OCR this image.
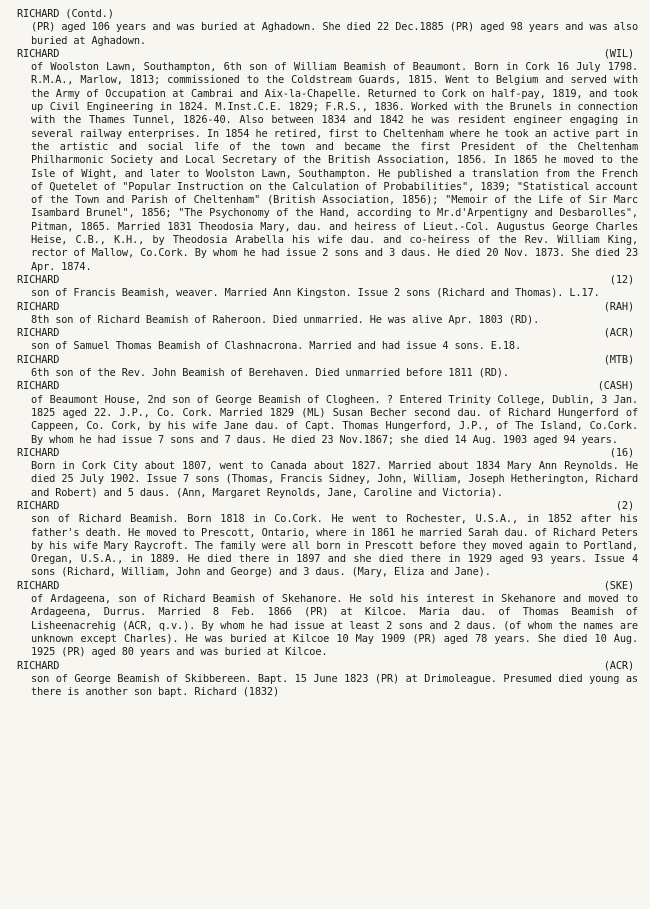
RICHARD (Contd.)

(PR) aged 106 years and was buried at Aghadown. She died 22 Dec.1885 (PR) aged 98 years and was also buried at Aghadown.

RICHARD	(WIL)

of Woolston Lawn, Southampton, 6th son of William Beamish of Beaumont. Born in Cork 16 July 1798. R.M.A., Marlow, 1813; commissioned to the Coldstream Guards, 1815. Went to Belgium and served with the Army of Occupation at Cambrai and Aix-la-Chapelle. Returned to Cork on half-pay, 1819, and took up Civil Engineering in 1824. M.Inst.C.E. 1829; F.R.S., 1836. Worked with the Brunels in connection with the Thames Tunnel, 1826-40. Also between 1834 and 1842 he was resident engineer engaging in several railway enterprises. In 1854 he retired, first to Cheltenham where he took an active part in the artistic and social life of the town and became the first President of the Cheltenham Philharmonic Society and Local Secretary of the British Association, 1856. In 1865 he moved to the Isle of Wight, and later to Woolston Lawn, Southampton. He published a translation from the French of Quetelet of "Popular Instruction on the Calculation of Probabilities", 1839; "Statistical account of the Town and Parish of Cheltenham" (British Association, 1856); "Memoir of the Life of Sir Marc Isambard Brunel", 1856; "The Psychonomy of the Hand, according to Mr.d'Arpentigny and Desbarolles", Pitman, 1865. Married 1831 Theodosia Mary, dau. and heiress of Lieut.-Col. Augustus George Charles Heise, C.B., K.H., by Theodosia Arabella his wife dau. and co-heiress of the Rev. William King, rector of Mallow, Co.Cork. By whom he had issue 2 sons and 3 daus. He died 20 Nov. 1873. She died 23 Apr. 1874.

RICHARD	(12)

son of Francis Beamish, weaver. Married Ann Kingston. Issue 2 sons (Richard and Thomas). L.17.

RICHARD	(RAH)

8th son of Richard Beamish of Raheroon. Died unmarried. He was alive Apr. 1803 (RD).

RICHARD	(ACR)

son of Samuel Thomas Beamish of Clashnacrona. Married and had issue 4 sons. E.18.

RICHARD	(MTB)

6th son of the Rev. John Beamish of Berehaven. Died unmarried before 1811 (RD).

RICHARD	(CASH)

of Beaumont House, 2nd son of George Beamish of Clogheen. ? Entered Trinity College, Dublin, 3 Jan. 1825 aged 22. J.P., Co. Cork. Married 1829 (ML) Susan Becher second dau. of Richard Hungerford of Cappeen, Co. Cork, by his wife Jane dau. of Capt. Thomas Hungerford, J.P., of The Island, Co.Cork. By whom he had issue 7 sons and 7 daus. He died 23 Nov.1867; she died 14 Aug. 1903 aged 94 years.

RICHARD	(16)

Born in Cork City about 1807, went to Canada about 1827. Married about 1834 Mary Ann Reynolds. He died 25 July 1902. Issue 7 sons (Thomas, Francis Sidney, John, William, Joseph Hetherington, Richard and Robert) and 5 daus. (Ann, Margaret Reynolds, Jane, Caroline and Victoria).

RICHARD	(2)

son of Richard Beamish. Born 1818 in Co.Cork. He went to Rochester, U.S.A., in 1852 after his father's death. He moved to Prescott, Ontario, where in 1861 he married Sarah dau. of Richard Peters by his wife Mary Raycroft. The family were all born in Prescott before they moved again to Portland, Oregan, U.S.A., in 1889. He died there in 1897 and she died there in 1929 aged 93 years. Issue 4 sons (Richard, William, John and George) and 3 daus. (Mary, Eliza and Jane).

RICHARD	(SKE)

of Ardageena, son of Richard Beamish of Skehanore. He sold his interest in Skehanore and moved to Ardageena, Durrus. Married 8 Feb. 1866 (PR) at Kilcoe. Maria dau. of Thomas Beamish of Lisheenacrehig (ACR, q.v.). By whom he had issue at least 2 sons and 2 daus. (of whom the names are unknown except Charles). He was buried at Kilcoe 10 May 1909 (PR) aged 78 years. She died 10 Aug. 1925 (PR) aged 80 years and was buried at Kilcoe.

RICHARD	(ACR)

son of George Beamish of Skibbereen. Bapt. 15 June 1823 (PR) at Drimoleague. Presumed died young as there is another son bapt. Richard (1832)
